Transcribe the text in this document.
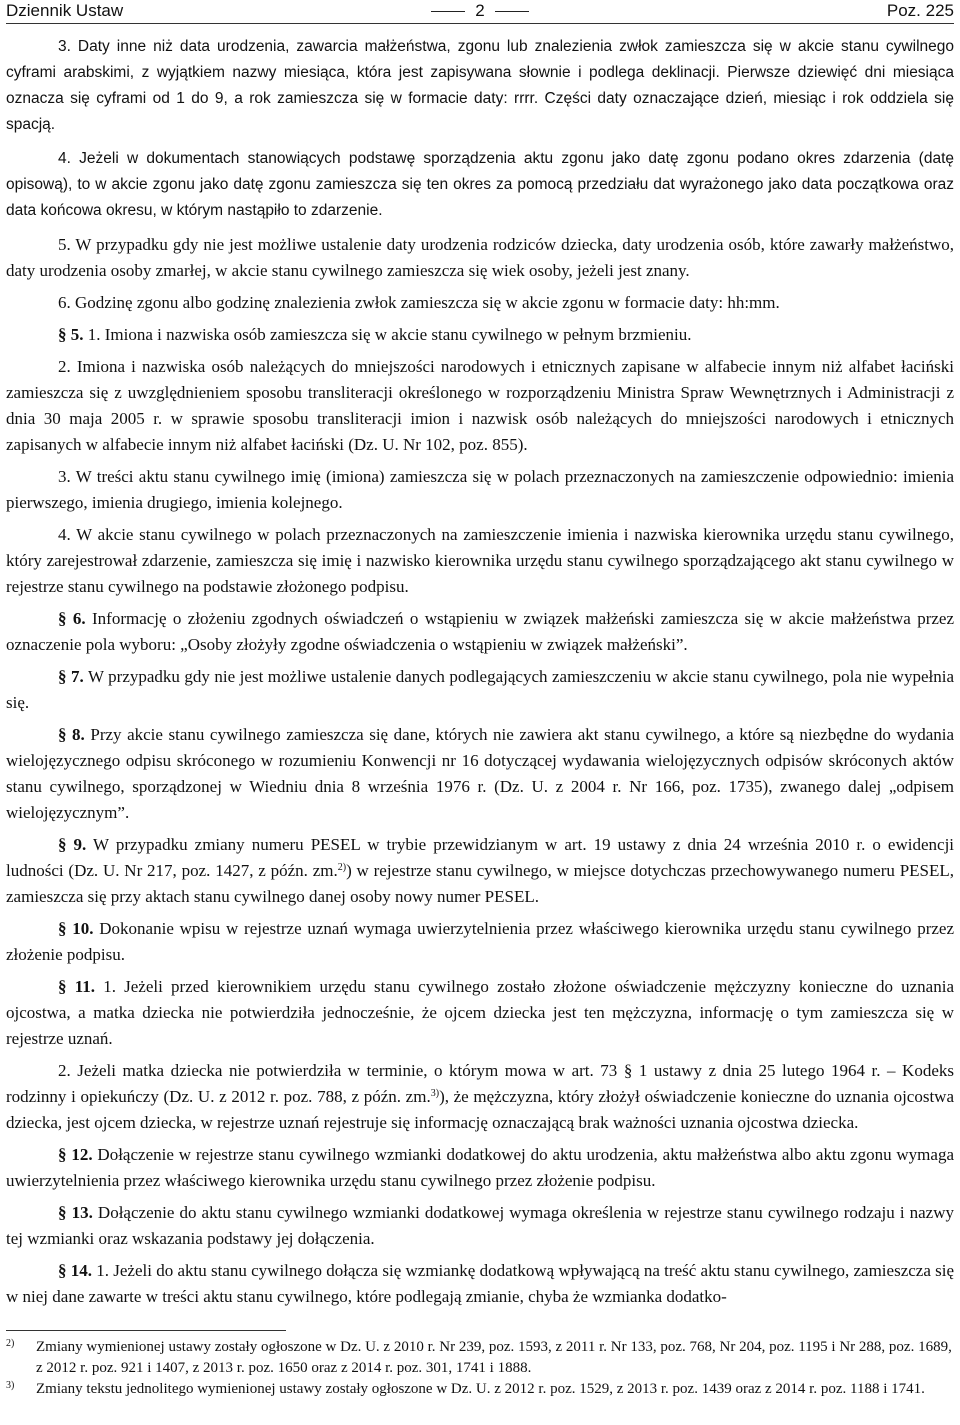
Dziennik Ustaw	2	Poz. 225

3. Daty inne niż data urodzenia, zawarcia małżeństwa, zgonu lub znalezienia zwłok zamieszcza się w akcie stanu cywilnego cyframi arabskimi, z wyjątkiem nazwy miesiąca, która jest zapisywana słownie i podlega deklinacji. Pierwsze dziewięć dni miesiąca oznacza się cyframi od 1 do 9, a rok zamieszcza się w formacie daty: rrrr. Części daty oznaczające dzień, miesiąc i rok oddziela się spacją.

4. Jeżeli w dokumentach stanowiących podstawę sporządzenia aktu zgonu jako datę zgonu podano okres zdarzenia (datę opisową), to w akcie zgonu jako datę zgonu zamieszcza się ten okres za pomocą przedziału dat wyrażonego jako data początkowa oraz data końcowa okresu, w którym nastąpiło to zdarzenie.

5. W przypadku gdy nie jest możliwe ustalenie daty urodzenia rodziców dziecka, daty urodzenia osób, które zawarły małżeństwo, daty urodzenia osoby zmarłej, w akcie stanu cywilnego zamieszcza się wiek osoby, jeżeli jest znany.

6. Godzinę zgonu albo godzinę znalezienia zwłok zamieszcza się w akcie zgonu w formacie daty: hh:mm.

§ 5. 1. Imiona i nazwiska osób zamieszcza się w akcie stanu cywilnego w pełnym brzmieniu.

2. Imiona i nazwiska osób należących do mniejszości narodowych i etnicznych zapisane w alfabecie innym niż alfabet łaciński zamieszcza się z uwzględnieniem sposobu transliteracji określonego w rozporządzeniu Ministra Spraw Wewnętrznych i Administracji z dnia 30 maja 2005 r. w sprawie sposobu transliteracji imion i nazwisk osób należących do mniejszości narodowych i etnicznych zapisanych w alfabecie innym niż alfabet łaciński (Dz. U. Nr 102, poz. 855).

3. W treści aktu stanu cywilnego imię (imiona) zamieszcza się w polach przeznaczonych na zamieszczenie odpowiednio: imienia pierwszego, imienia drugiego, imienia kolejnego.

4. W akcie stanu cywilnego w polach przeznaczonych na zamieszczenie imienia i nazwiska kierownika urzędu stanu cywilnego, który zarejestrował zdarzenie, zamieszcza się imię i nazwisko kierownika urzędu stanu cywilnego sporządzającego akt stanu cywilnego w rejestrze stanu cywilnego na podstawie złożonego podpisu.

§ 6. Informację o złożeniu zgodnych oświadczeń o wstąpieniu w związek małżeński zamieszcza się w akcie małżeństwa przez oznaczenie pola wyboru: „Osoby złożyły zgodne oświadczenia o wstąpieniu w związek małżeński”.

§ 7. W przypadku gdy nie jest możliwe ustalenie danych podlegających zamieszczeniu w akcie stanu cywilnego, pola nie wypełnia się.

§ 8. Przy akcie stanu cywilnego zamieszcza się dane, których nie zawiera akt stanu cywilnego, a które są niezbędne do wydania wielojęzycznego odpisu skróconego w rozumieniu Konwencji nr 16 dotyczącej wydawania wielojęzycznych odpisów skróconych aktów stanu cywilnego, sporządzonej w Wiedniu dnia 8 września 1976 r. (Dz. U. z 2004 r. Nr 166, poz. 1735), zwanego dalej „odpisem wielojęzycznym”.

§ 9. W przypadku zmiany numeru PESEL w trybie przewidzianym w art. 19 ustawy z dnia 24 września 2010 r. o ewidencji ludności (Dz. U. Nr 217, poz. 1427, z późn. zm.$^{2)}$) w rejestrze stanu cywilnego, w miejsce dotychczas przechowywanego numeru PESEL, zamieszcza się przy aktach stanu cywilnego danej osoby nowy numer PESEL.

§ 10. Dokonanie wpisu w rejestrze uznań wymaga uwierzytelnienia przez właściwego kierownika urzędu stanu cywilnego przez złożenie podpisu.

§ 11. 1. Jeżeli przed kierownikiem urzędu stanu cywilnego zostało złożone oświadczenie mężczyzny konieczne do uznania ojcostwa, a matka dziecka nie potwierdziła jednocześnie, że ojcem dziecka jest ten mężczyzna, informację o tym zamieszcza się w rejestrze uznań.

2. Jeżeli matka dziecka nie potwierdziła w terminie, o którym mowa w art. 73 § 1 ustawy z dnia 25 lutego 1964 r. – Kodeks rodzinny i opiekuńczy (Dz. U. z 2012 r. poz. 788, z późn. zm.$^{3)}$), że mężczyzna, który złożył oświadczenie konieczne do uznania ojcostwa dziecka, jest ojcem dziecka, w rejestrze uznań rejestruje się informację oznaczającą brak ważności uznania ojcostwa dziecka.

§ 12. Dołączenie w rejestrze stanu cywilnego wzmianki dodatkowej do aktu urodzenia, aktu małżeństwa albo aktu zgonu wymaga uwierzytelnienia przez właściwego kierownika urzędu stanu cywilnego przez złożenie podpisu.

§ 13. Dołączenie do aktu stanu cywilnego wzmianki dodatkowej wymaga określenia w rejestrze stanu cywilnego rodzaju i nazwy tej wzmianki oraz wskazania podstawy jej dołączenia.

§ 14. 1. Jeżeli do aktu stanu cywilnego dołącza się wzmiankę dodatkową wpływającą na treść aktu stanu cywilnego, zamieszcza się w niej dane zawarte w treści aktu stanu cywilnego, które podlegają zmianie, chyba że wzmianka dodatko-

2) Zmiany wymienionej ustawy zostały ogłoszone w Dz. U. z 2010 r. Nr 239, poz. 1593, z 2011 r. Nr 133, poz. 768, Nr 204, poz. 1195 i Nr 288, poz. 1689, z 2012 r. poz. 921 i 1407, z 2013 r. poz. 1650 oraz z 2014 r. poz. 301, 1741 i 1888.
3) Zmiany tekstu jednolitego wymienionej ustawy zostały ogłoszone w Dz. U. z 2012 r. poz. 1529, z 2013 r. poz. 1439 oraz z 2014 r. poz. 1188 i 1741.
